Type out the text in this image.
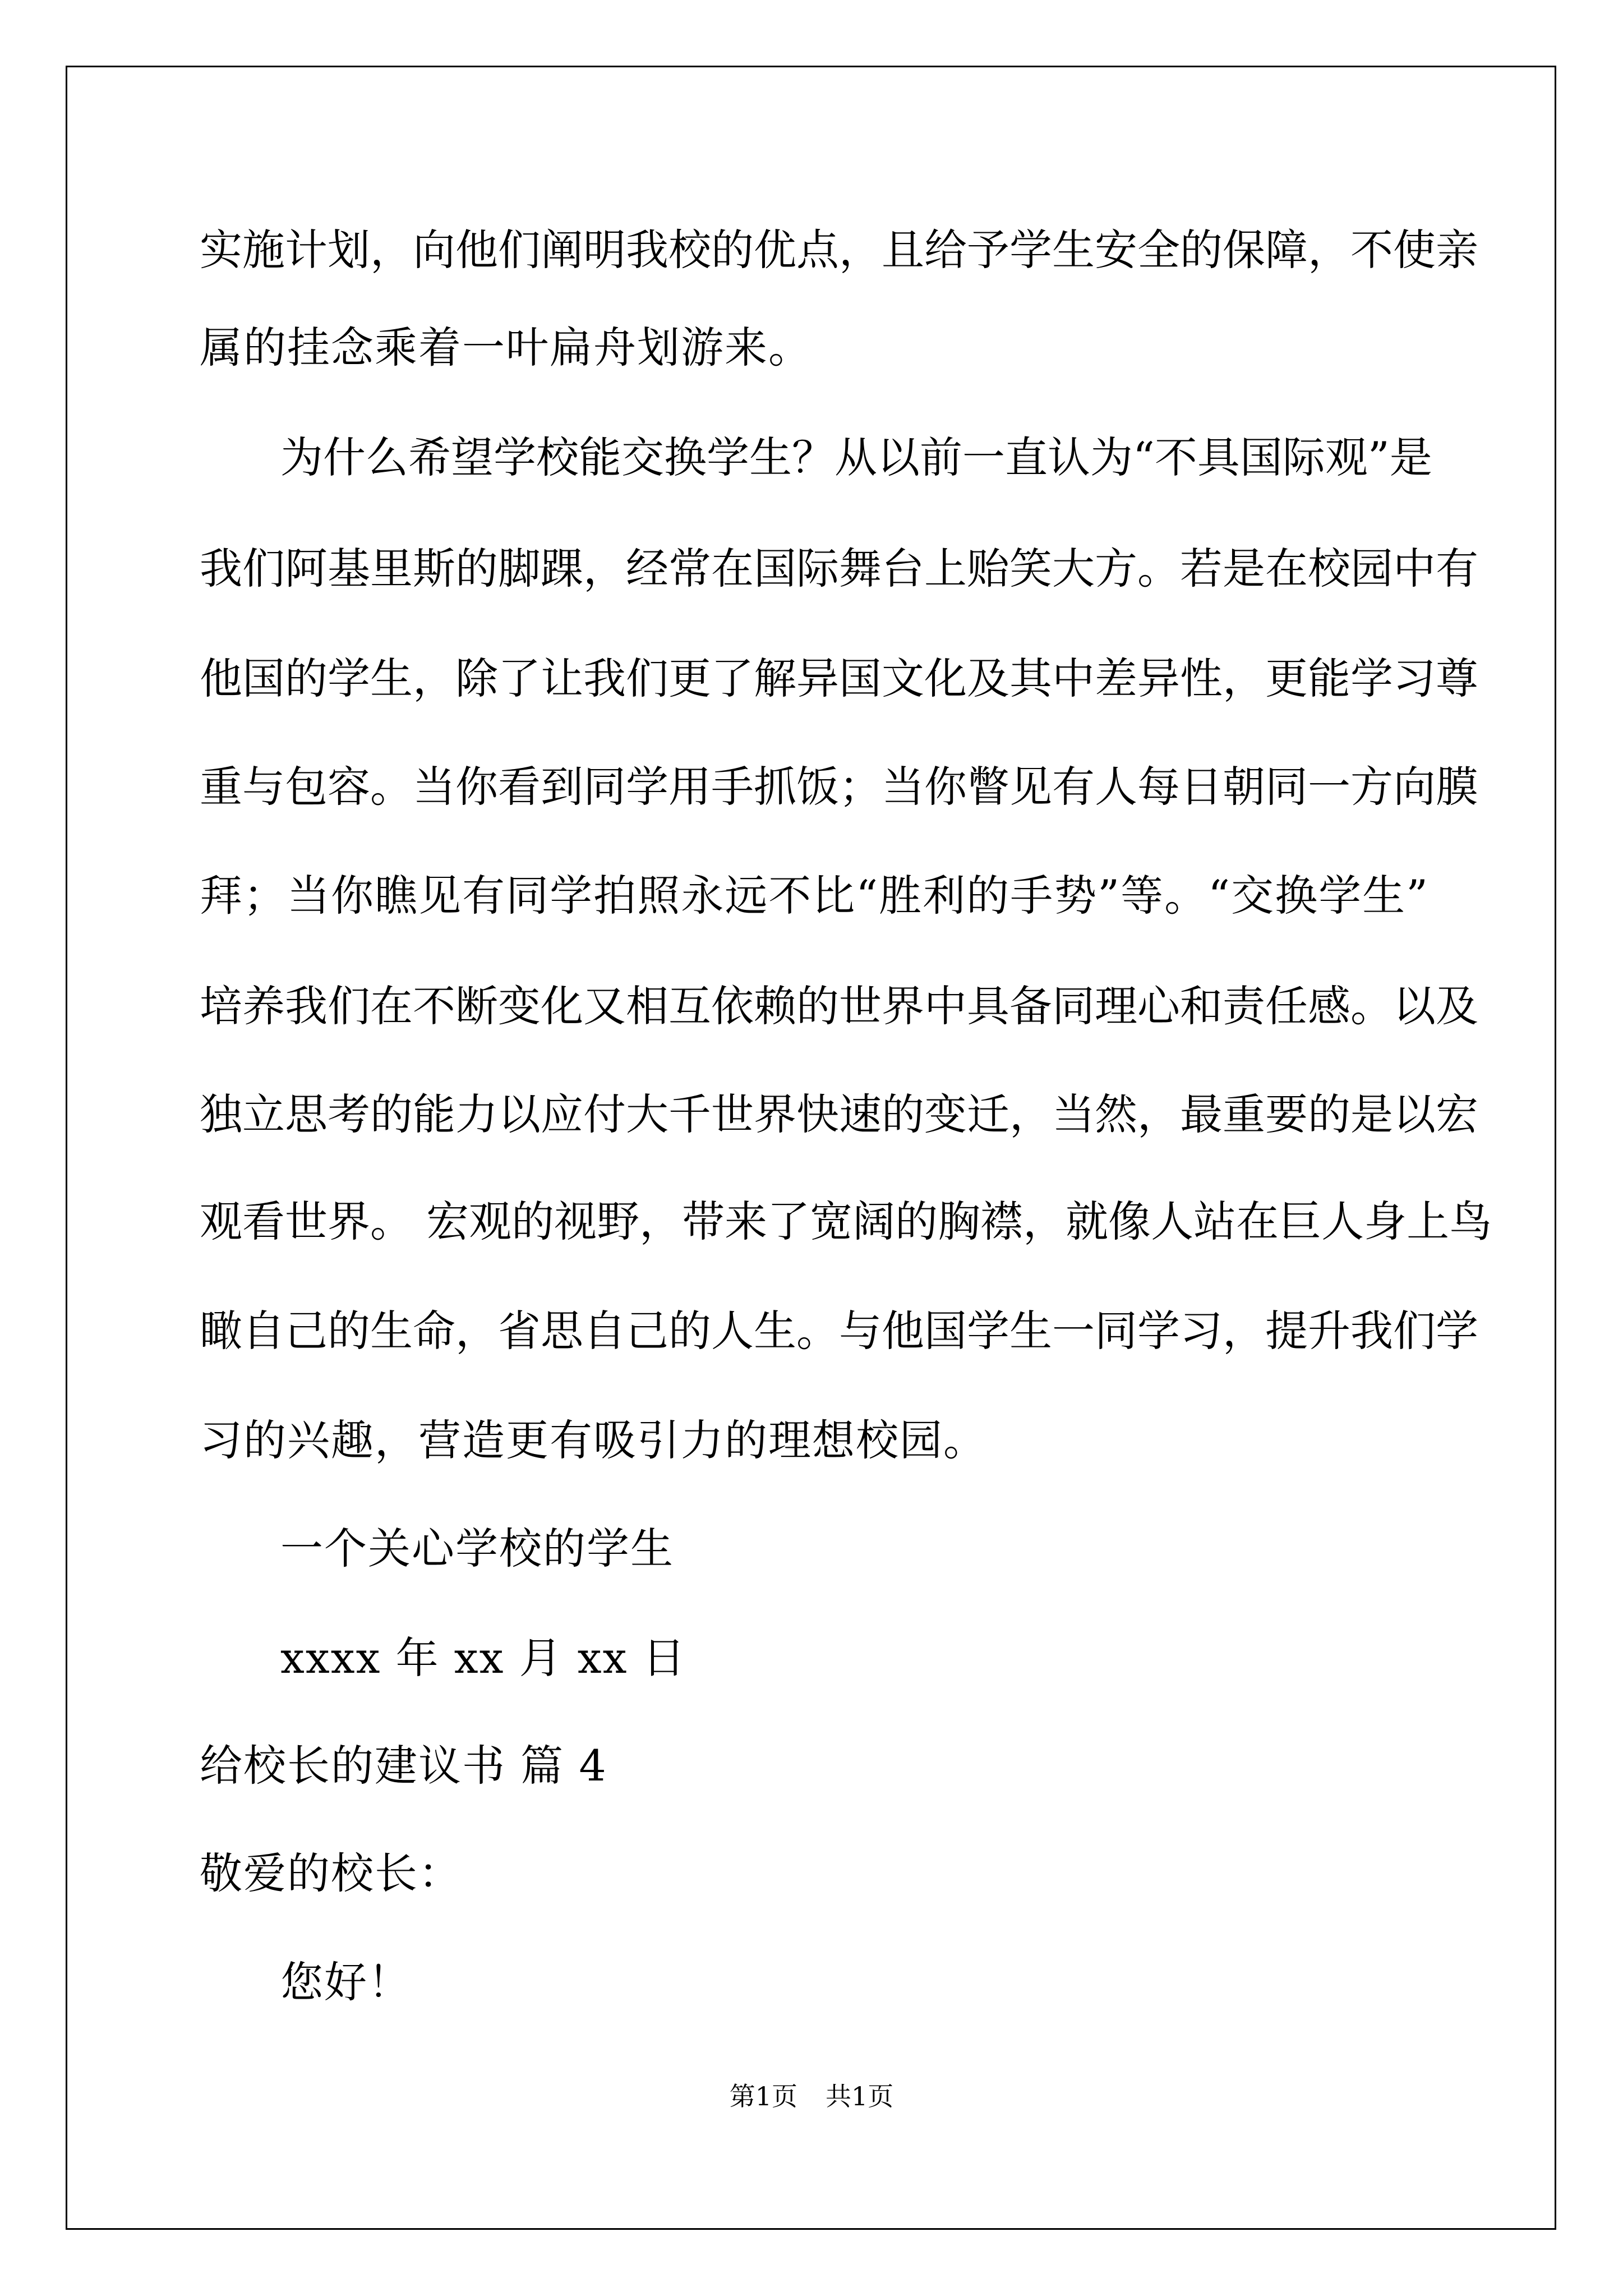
实施计划，向他们阐明我校的优点，且给予学生安全的保障，不使亲
属的挂念乘着一叶扁舟划游来。
为什么希望学校能交换学生？从以前一直认为“不具国际观”是
我们阿基里斯的脚踝，经常在国际舞台上贻笑大方。若是在校园中有
他国的学生，除了让我们更了解异国文化及其中差异性，更能学习尊
重与包容。当你看到同学用手抓饭；当你瞥见有人每日朝同一方向膜
拜；当你瞧见有同学拍照永远不比“胜利的手势”等。“交换学生”
培养我们在不断变化又相互依赖的世界中具备同理心和责任感。以及
独立思考的能力以应付大千世界快速的变迁，当然，最重要的是以宏
观看世界。 宏观的视野，带来了宽阔的胸襟，就像人站在巨人身上鸟
瞰自己的生命，省思自己的人生。与他国学生一同学习，提升我们学
习的兴趣，营造更有吸引力的理想校园。
一个关心学校的学生
xxxx 年 xx 月 xx 日
给校长的建议书 篇 4
敬爱的校长：
您好！
第1页 共1页
